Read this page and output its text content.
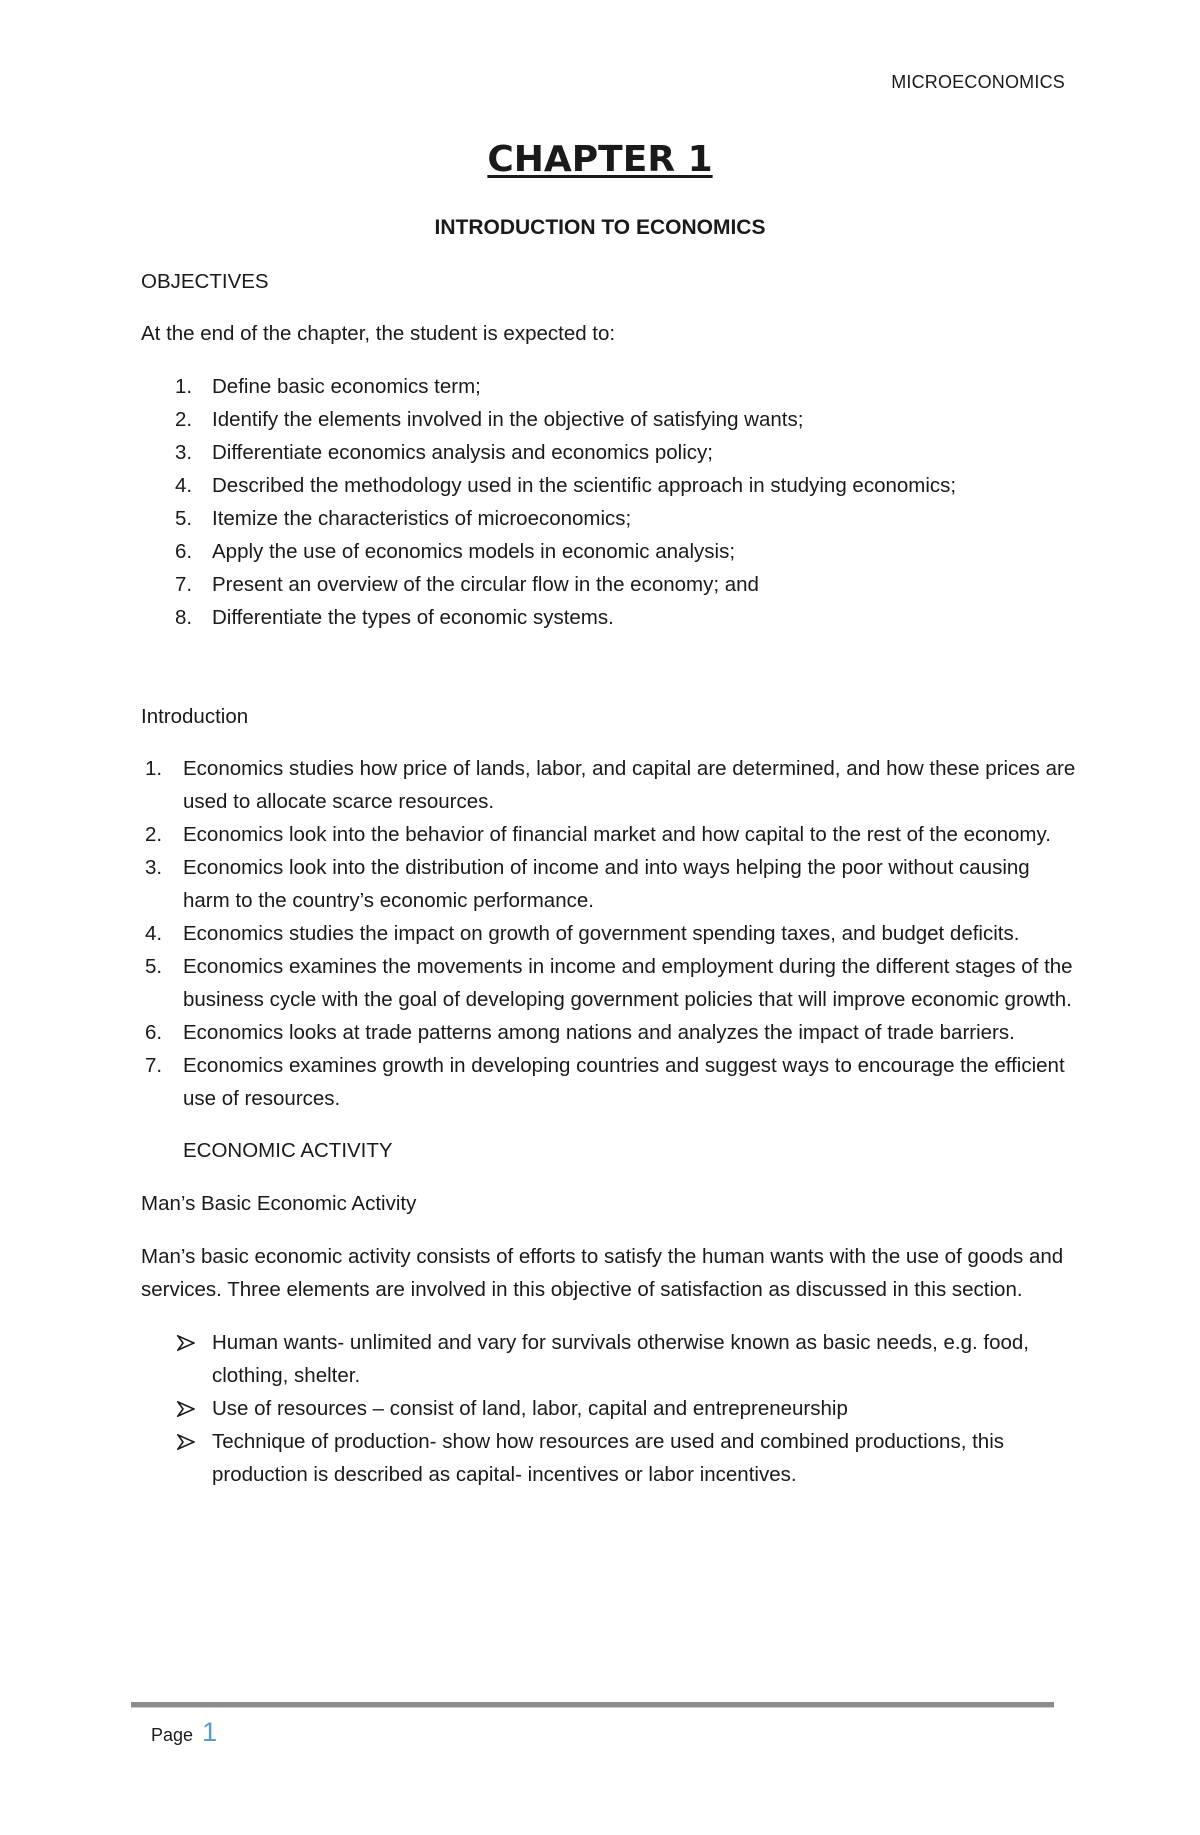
MICROECONOMICS
CHAPTER 1
INTRODUCTION TO ECONOMICS

OBJECTIVES

At the end of the chapter, the student is expected to:

1. Define basic economics term;
2. Identify the elements involved in the objective of satisfying wants;
3. Differentiate economics analysis and economics policy;
4. Described the methodology used in the scientific approach in studying economics;
5. Itemize the characteristics of microeconomics;
6. Apply the use of economics models in economic analysis;
7. Present an overview of the circular flow in the economy; and
8. Differentiate the types of economic systems.

Introduction

1. Economics studies how price of lands, labor, and capital are determined, and how these prices are used to allocate scarce resources.
2. Economics look into the behavior of financial market and how capital to the rest of the economy.
3. Economics look into the distribution of income and into ways helping the poor without causing harm to the country’s economic performance.
4. Economics studies the impact on growth of government spending taxes, and budget deficits.
5. Economics examines the movements in income and employment during the different stages of the business cycle with the goal of developing government policies that will improve economic growth.
6. Economics looks at trade patterns among nations and analyzes the impact of trade barriers.
7. Economics examines growth in developing countries and suggest ways to encourage the efficient use of resources.

ECONOMIC ACTIVITY

Man’s Basic Economic Activity

Man’s basic economic activity consists of efforts to satisfy the human wants with the use of goods and services. Three elements are involved in this objective of satisfaction as discussed in this section.

Human wants- unlimited and vary for survivals otherwise known as basic needs, e.g. food, clothing, shelter.
Use of resources – consist of land, labor, capital and entrepreneurship
Technique of production- show how resources are used and combined productions, this production is described as capital- incentives or labor incentives.
Page 1
